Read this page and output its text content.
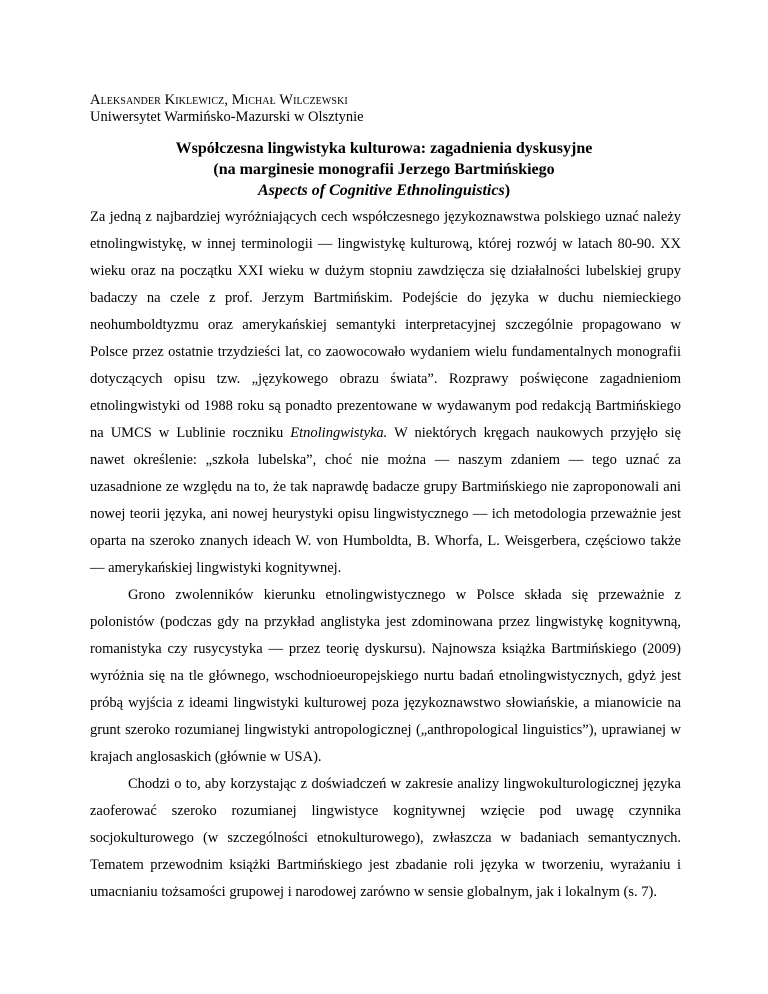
Aleksander Kiklewicz, Michał Wilczewski
Uniwersytet Warmińsko-Mazurski w Olsztynie
Współczesna lingwistyka kulturowa: zagadnienia dyskusyjne
(na marginesie monografii Jerzego Bartmińskiego
Aspects of Cognitive Ethnolinguistics)

Za jedną z najbardziej wyróżniających cech współczesnego językoznawstwa polskiego uznać należy etnolingwistykę, w innej terminologii — lingwistykę kulturową, której rozwój w latach 80-90. XX wieku oraz na początku XXI wieku w dużym stopniu zawdzięcza się działalności lubelskiej grupy badaczy na czele z prof. Jerzym Bartmińskim. Podejście do języka w duchu niemieckiego neohumboldtyzmu oraz amerykańskiej semantyki interpretacyjnej szczególnie propagowano w Polsce przez ostatnie trzydzieści lat, co zaowocowało wydaniem wielu fundamentalnych monografii dotyczących opisu tzw. „językowego obrazu świata”. Rozprawy poświęcone zagadnieniom etnolingwistyki od 1988 roku są ponadto prezentowane w wydawanym pod redakcją Bartmińskiego na UMCS w Lublinie roczniku Etnolingwistyka. W niektórych kręgach naukowych przyjęło się nawet określenie: „szkoła lubelska”, choć nie można — naszym zdaniem — tego uznać za uzasadnione ze względu na to, że tak naprawdę badacze grupy Bartmińskiego nie zaproponowali ani nowej teorii języka, ani nowej heurystyki opisu lingwistycznego — ich metodologia przeważnie jest oparta na szeroko znanych ideach W. von Humboldta, B. Whorfa, L. Weisgerbera, częściowo także — amerykańskiej lingwistyki kognitywnej.

Grono zwolenników kierunku etnolingwistycznego w Polsce składa się przeważnie z polonistów (podczas gdy na przykład anglistyka jest zdominowana przez lingwistykę kognitywną, romanistyka czy rusycystyka — przez teorię dyskursu). Najnowsza książka Bartmińskiego (2009) wyróżnia się na tle głównego, wschodnioeuropejskiego nurtu badań etnolingwistycznych, gdyż jest próbą wyjścia z ideami lingwistyki kulturowej poza językoznawstwo słowiańskie, a mianowicie na grunt szeroko rozumianej lingwistyki antropologicznej („anthropological linguistics”), uprawianej w krajach anglosaskich (głównie w USA).

Chodzi o to, aby korzystając z doświadczeń w zakresie analizy lingwokulturologicznej języka zaoferować szeroko rozumianej lingwistyce kognitywnej wzięcie pod uwagę czynnika socjokulturowego (w szczególności etnokulturowego), zwłaszcza w badaniach semantycznych. Tematem przewodnim książki Bartmińskiego jest zbadanie roli języka w tworzeniu, wyrażaniu i umacnianiu tożsamości grupowej i narodowej zarówno w sensie globalnym, jak i lokalnym (s. 7).
